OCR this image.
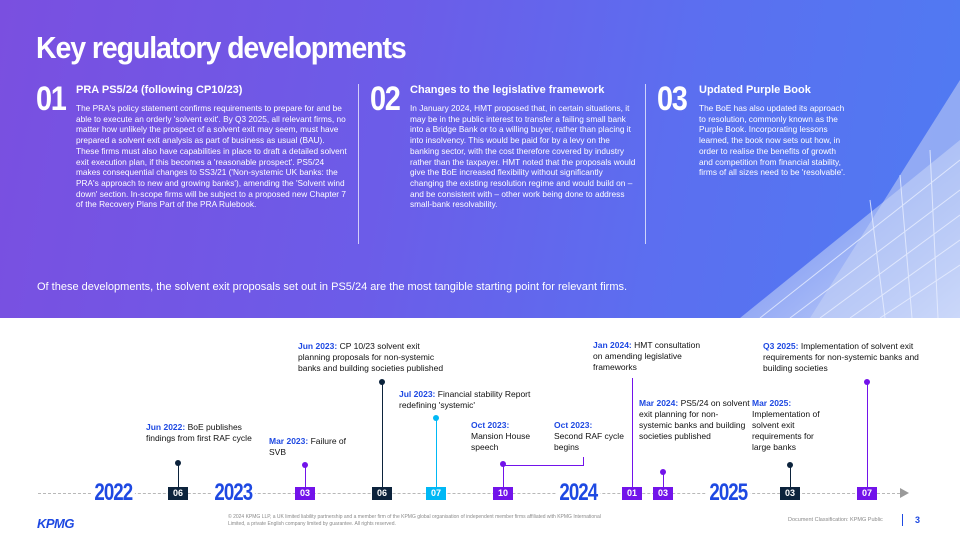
Key regulatory developments
01 PRA PS5/24 (following CP10/23)
The PRA's policy statement confirms requirements to prepare for and be able to execute an orderly 'solvent exit'. By Q3 2025, all relevant firms, no matter how unlikely the prospect of a solvent exit may seem, must have prepared a solvent exit analysis as part of business as usual (BAU). These firms must also have capabilities in place to draft a detailed solvent exit execution plan, if this becomes a 'reasonable prospect'. PS5/24 makes consequential changes to SS3/21 ('Non-systemic UK banks: the PRA's approach to new and growing banks'), amending the 'Solvent wind down' section. In-scope firms will be subject to a proposed new Chapter 7 of the Recovery Plans Part of the PRA Rulebook.
02 Changes to the legislative framework
In January 2024, HMT proposed that, in certain situations, it may be in the public interest to transfer a failing small bank into a Bridge Bank or to a willing buyer, rather than placing it into insolvency. This would be paid for by a levy on the banking sector, with the cost therefore covered by industry rather than the taxpayer. HMT noted that the proposals would give the BoE increased flexibility without significantly changing the existing resolution regime and would build on – and be consistent with – other work being done to address small-bank resolvability.
03 Updated Purple Book
The BoE has also updated its approach to resolution, commonly known as the Purple Book. Incorporating lessons learned, the book now sets out how, in order to realise the benefits of growth and competition from financial stability, firms of all sizes need to be 'resolvable'.
Of these developments, the solvent exit proposals set out in PS5/24 are the most tangible starting point for relevant firms.
2022	2023	2024	2025
06
Jun 2022: BoE publishes findings from first RAF cycle
03
Mar 2023: Failure of SVB
06
Jun 2023: CP 10/23 solvent exit planning proposals for non-systemic banks and building societies published
07
Jul 2023: Financial stability Report redefining 'systemic'
10
Oct 2023:
Mansion House speech
Oct 2023:
Second RAF cycle begins
01
Jan 2024: HMT consultation on amending legislative frameworks
03
Mar 2024: PS5/24 on solvent exit planning for non-systemic banks and building societies published
03
Mar 2025: Implementation of solvent exit requirements for large banks
07
Q3 2025: Implementation of solvent exit requirements for non-systemic banks and building societies
KPMG	© 2024 KPMG LLP, a UK limited liability partnership and a member firm of the KPMG global organisation of independent member firms affiliated with KPMG International Limited, a private English company limited by guarantee. All rights reserved.
Document Classification: KPMG Public	3
